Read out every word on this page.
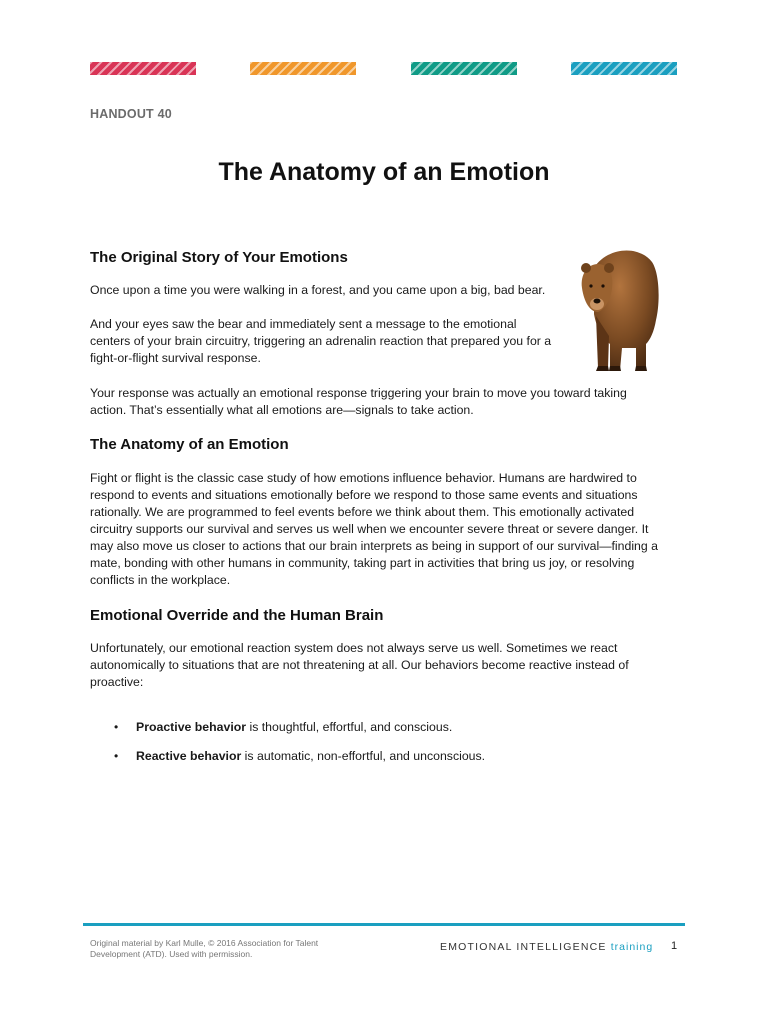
HANDOUT 40
The Anatomy of an Emotion
The Original Story of Your Emotions

Once upon a time you were walking in a forest, and you came upon a big, bad bear.

And your eyes saw the bear and immediately sent a message to the emotional
centers of your brain circuitry, triggering an adrenalin reaction that prepared you for a
fight-or-flight survival response.
Your response was actually an emotional response triggering your brain to move you toward taking
action. That’s essentially what all emotions are—signals to take action.
The Anatomy of an Emotion
Fight or flight is the classic case study of how emotions influence behavior. Humans are hardwired to
respond to events and situations emotionally before we respond to those same events and situations
rationally. We are programmed to feel events before we think about them. This emotionally activated
circuitry supports our survival and serves us well when we encounter severe threat or severe danger. It
may also move us closer to actions that our brain interprets as being in support of our survival—finding a
mate, bonding with other humans in community, taking part in activities that bring us joy, or resolving
conflicts in the workplace.
Emotional Override and the Human Brain
Unfortunately, our emotional reaction system does not always serve us well. Sometimes we react
autonomically to situations that are not threatening at all. Our behaviors become reactive instead of
proactive:
• Proactive behavior is thoughtful, effortful, and conscious.
• Reactive behavior is automatic, non-effortful, and unconscious.
Original material by Karl Mulle, © 2016 Association for Talent
Development (ATD). Used with permission.
EMOTIONAL INTELLIGENCE training 1
